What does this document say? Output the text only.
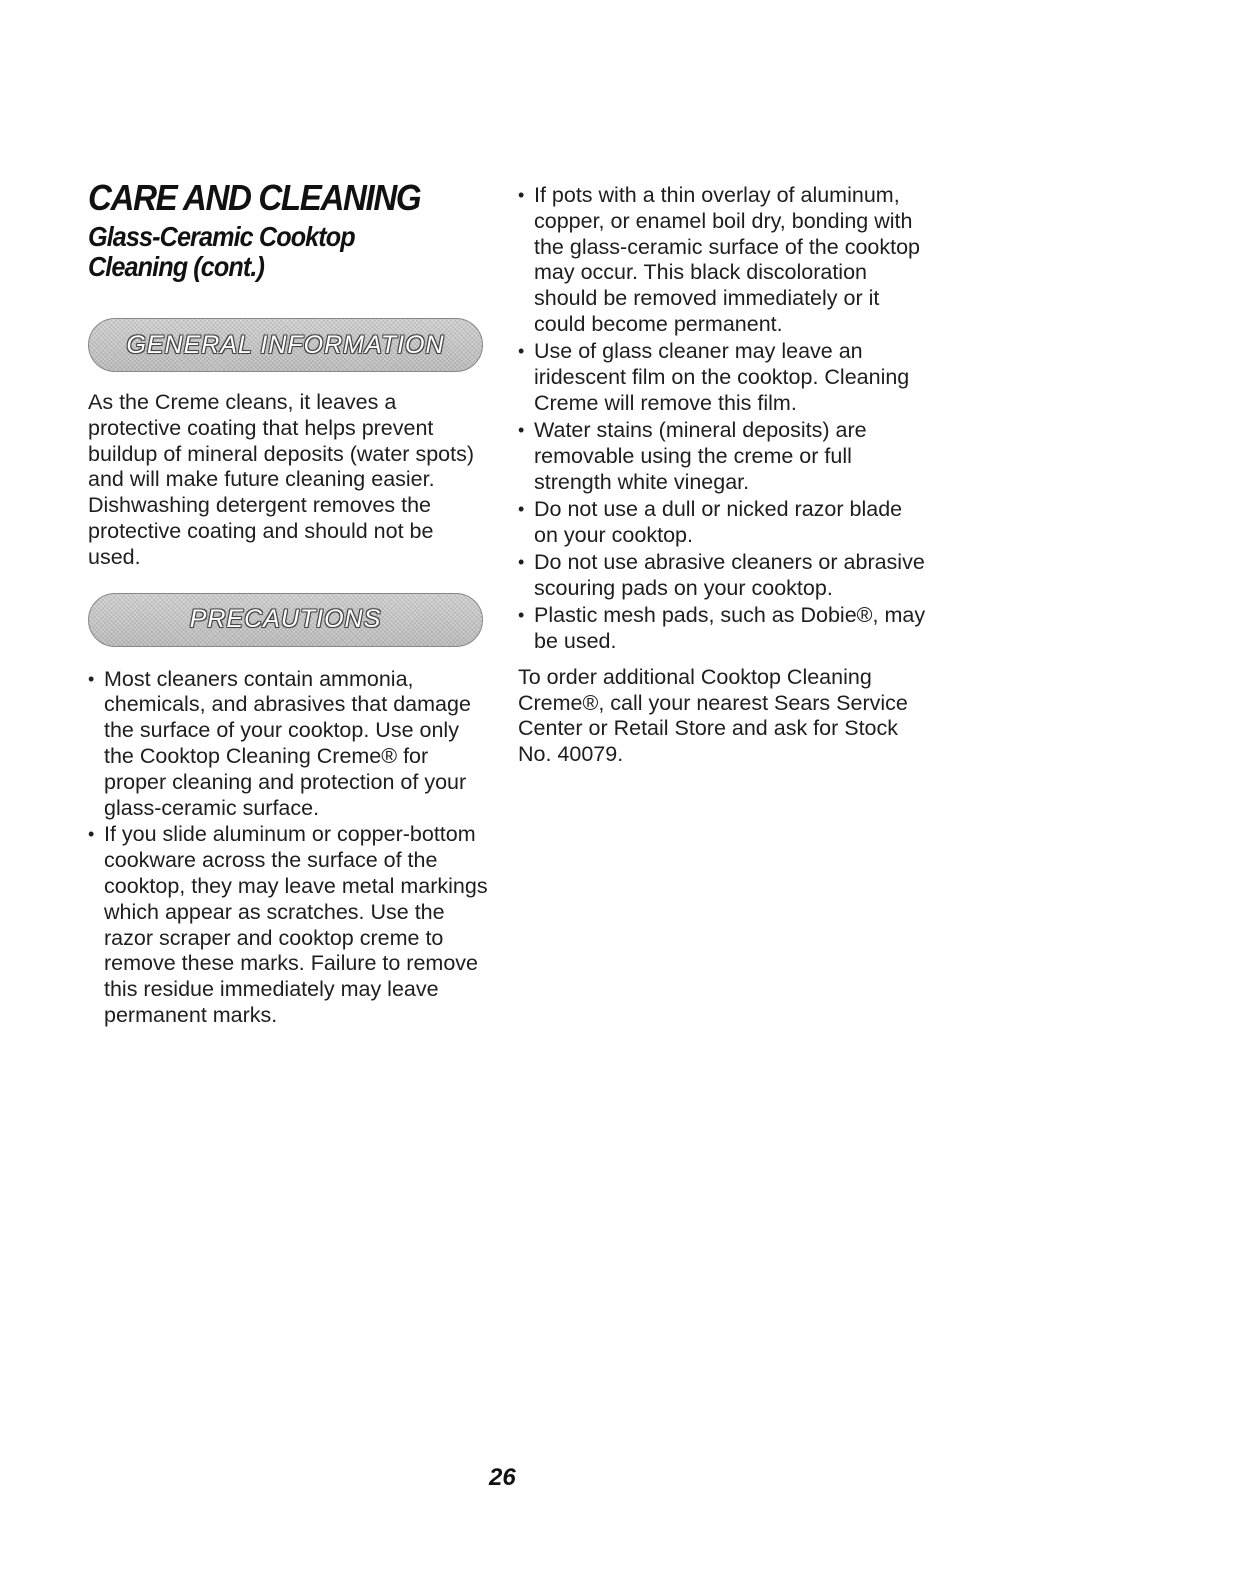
CARE AND CLEANING
Glass-Ceramic Cooktop Cleaning (cont.)
GENERAL INFORMATION

As the Creme cleans, it leaves a protective coating that helps prevent buildup of mineral deposits (water spots) and will make future cleaning easier. Dishwashing detergent removes the protective coating and should not be used.

PRECAUTIONS
• Most cleaners contain ammonia, chemicals, and abrasives that damage the surface of your cooktop. Use only the Cooktop Cleaning Creme® for proper cleaning and protection of your glass-ceramic surface.
• If you slide aluminum or copper-bottom cookware across the surface of the cooktop, they may leave metal markings which appear as scratches. Use the razor scraper and cooktop creme to remove these marks. Failure to remove this residue immediately may leave permanent marks.
• If pots with a thin overlay of aluminum, copper, or enamel boil dry, bonding with the glass-ceramic surface of the cooktop may occur. This black discoloration should be removed immediately or it could become permanent.
• Use of glass cleaner may leave an iridescent film on the cooktop. Cleaning Creme will remove this film.
• Water stains (mineral deposits) are removable using the creme or full strength white vinegar.
• Do not use a dull or nicked razor blade on your cooktop.
• Do not use abrasive cleaners or abrasive scouring pads on your cooktop.
• Plastic mesh pads, such as Dobie®, may be used.

To order additional Cooktop Cleaning Creme®, call your nearest Sears Service Center or Retail Store and ask for Stock No. 40079.

26
